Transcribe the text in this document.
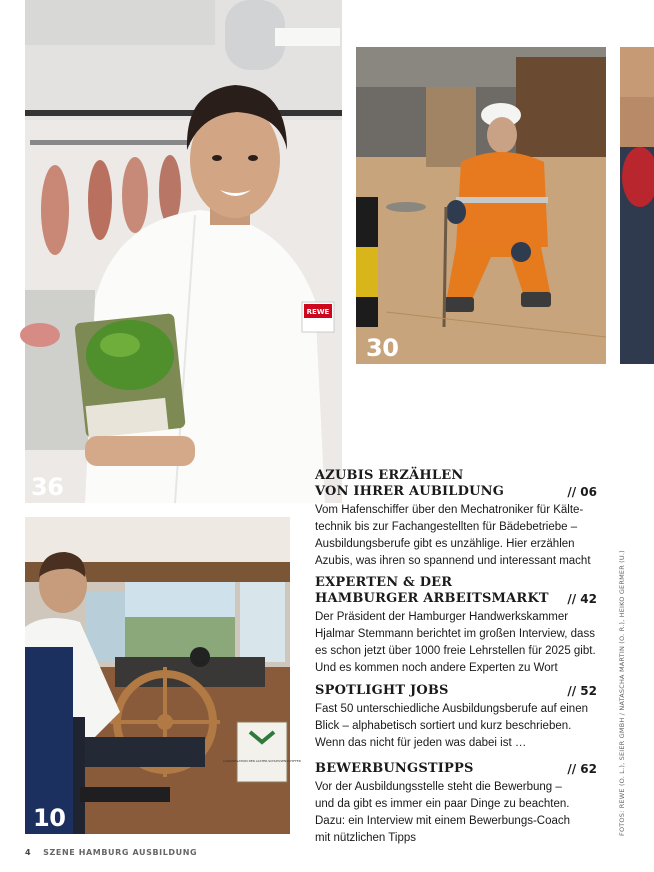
REWE
36
30
CONGREGATION DER ALSTER-SCHLEUSENSCHIFFER
10
AZUBIS ERZÄHLEN
VON IHRER AUBILDUNG	// 06
Vom Hafenschiffer über den Mechatroniker für Kälte-
technik bis zur Fachangestellten für Bädebetriebe –
Ausbildungsberufe gibt es unzählige. Hier erzählen
Azubis, was ihren so spannend und interessant macht
EXPERTEN & DER
HAMBURGER ARBEITSMARKT	// 42
Der Präsident der Hamburger Handwerkskammer
Hjalmar Stemmann berichtet im großen Interview, dass
es schon jetzt über 1000 freie Lehrstellen für 2025 gibt.
Und es kommen noch andere Experten zu Wort
SPOTLIGHT JOBS	// 52
Fast 50 unterschiedliche Ausbildungsberufe auf einen
Blick – alphabetisch sortiert und kurz beschrieben.
Wenn das nicht für jeden was dabei ist …
BEWERBUNGSTIPPS	// 62
Vor der Ausbildungsstelle steht die Bewerbung –
und da gibt es immer ein paar Dinge zu beachten.
Dazu: ein Interview mit einem Bewerbungs-Coach
mit nützlichen Tipps
FOTOS: REWE (O. L.), SEIER GMBH / NATASCHA MARTIN (O. R.), HEIKO GERMER (U.)
4 SZENE HAMBURG AUSBILDUNG
